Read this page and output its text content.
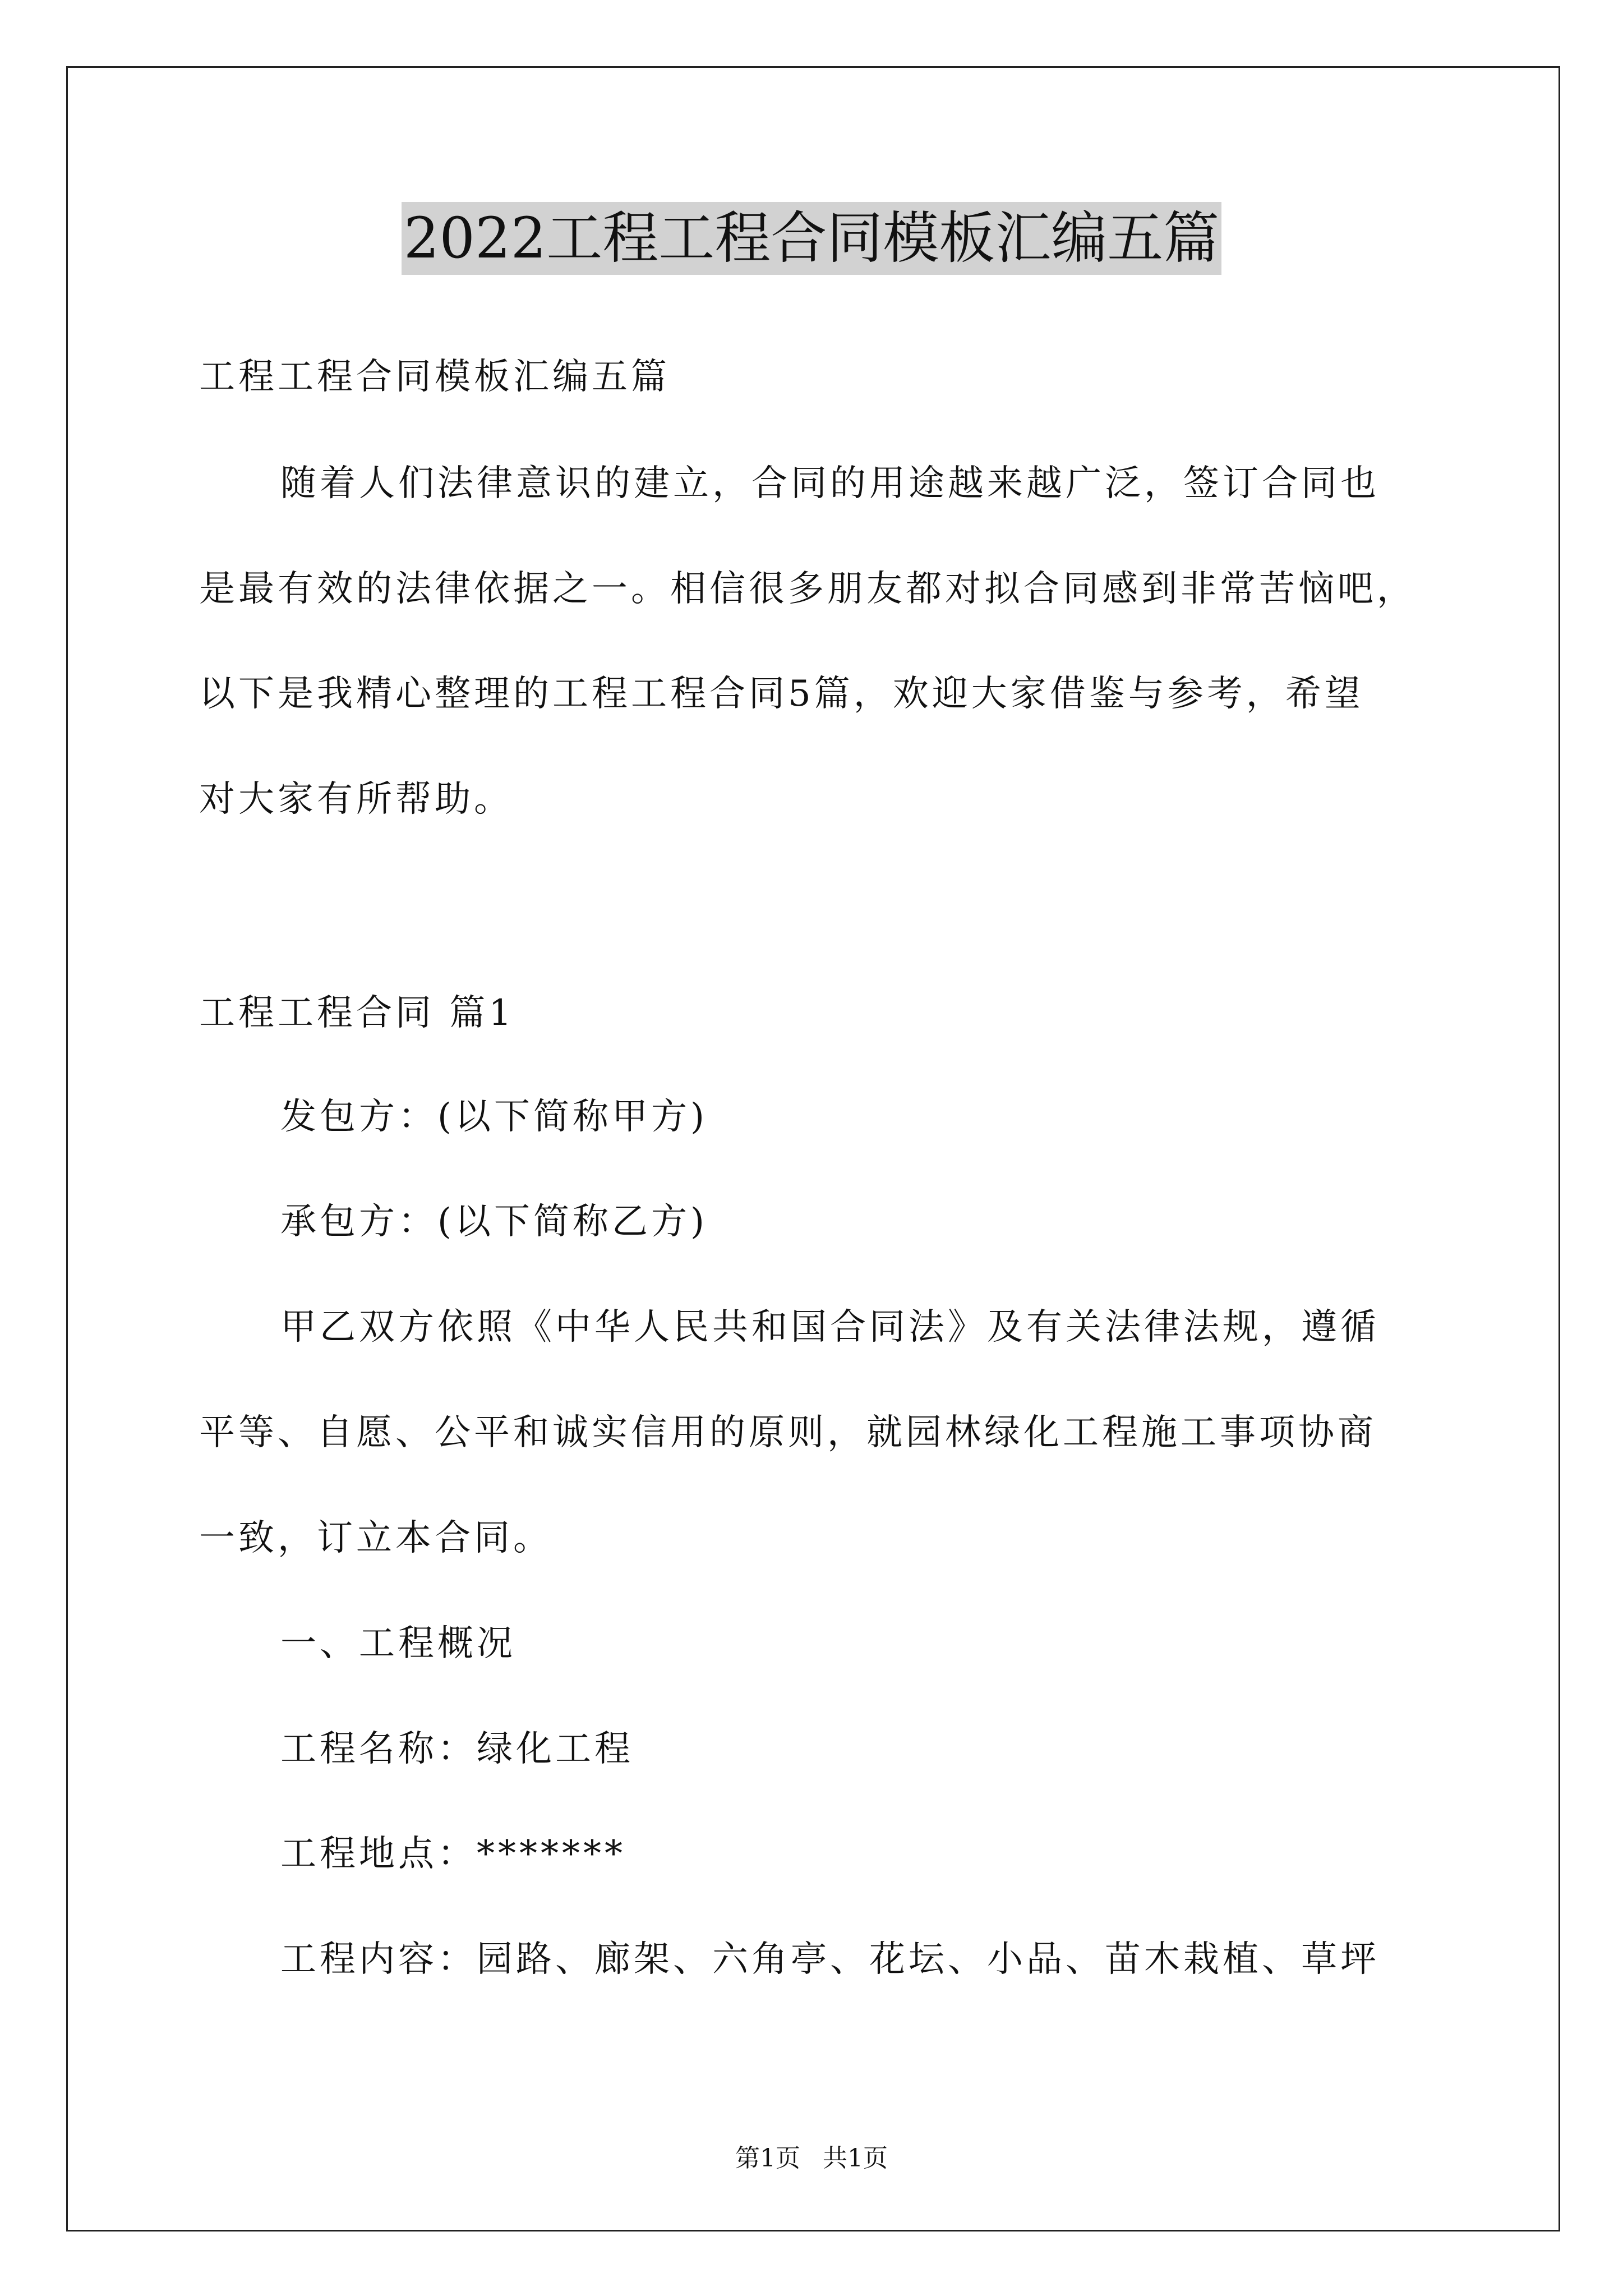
2022工程工程合同模板汇编五篇
工程工程合同模板汇编五篇
随着人们法律意识的建立，合同的用途越来越广泛，签订合同也
是最有效的法律依据之一。相信很多朋友都对拟合同感到非常苦恼吧，
以下是我精心整理的工程工程合同5篇，欢迎大家借鉴与参考，希望
对大家有所帮助。
工程工程合同 篇1
发包方：(以下简称甲方)
承包方：(以下简称乙方)
甲乙双方依照《中华人民共和国合同法》及有关法律法规，遵循
平等、自愿、公平和诚实信用的原则，就园林绿化工程施工事项协商
一致，订立本合同。
一、工程概况
工程名称：绿化工程
工程地点：*******
工程内容：园路、廊架、六角亭、花坛、小品、苗木栽植、草坪
第1页 共1页
